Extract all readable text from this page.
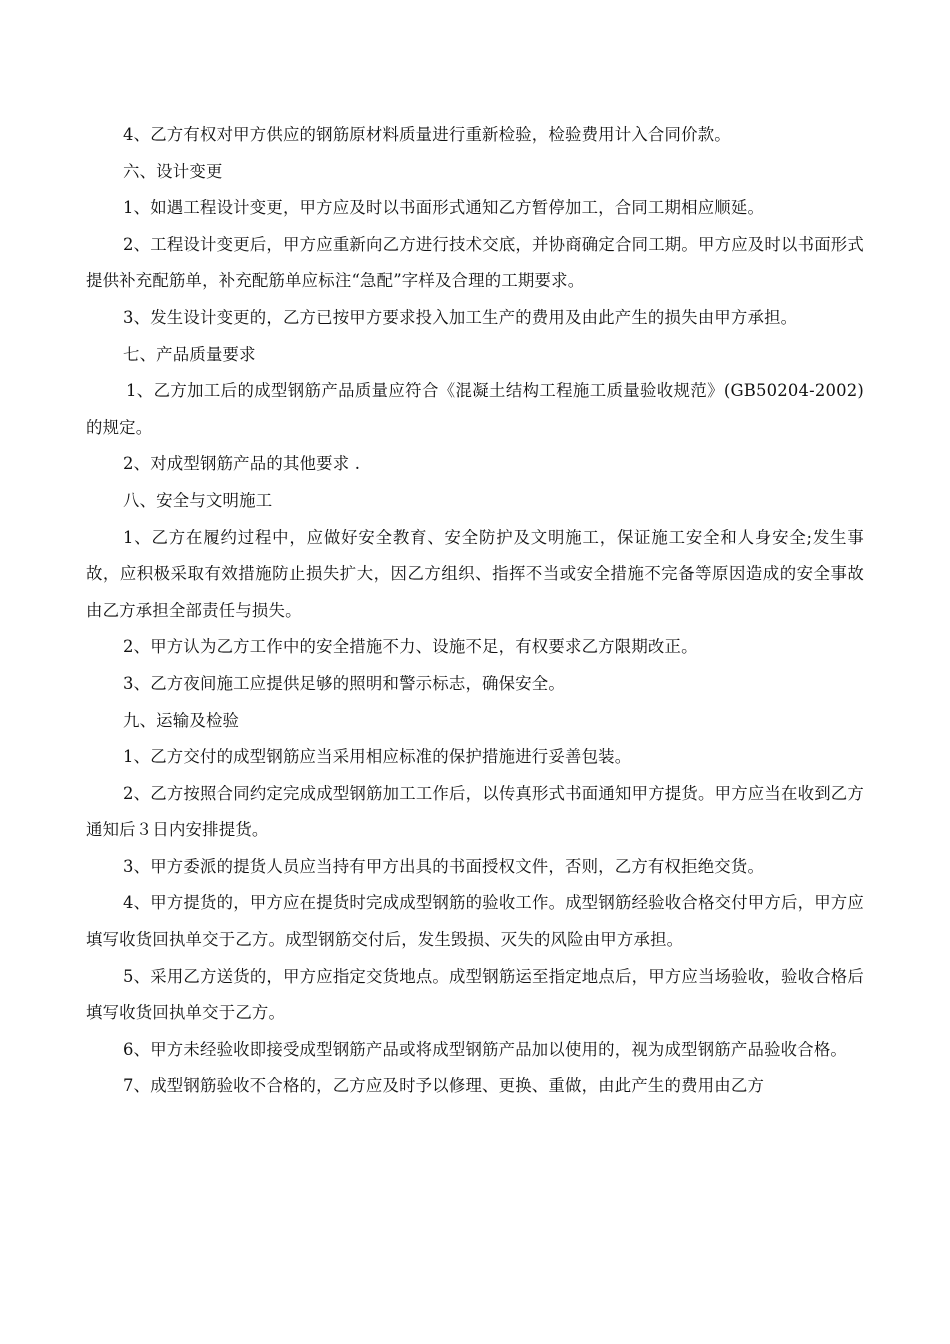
4、乙方有权对甲方供应的钢筋原材料质量进行重新检验，检验费用计入合同价款。

六、设计变更

1、如遇工程设计变更，甲方应及时以书面形式通知乙方暂停加工，合同工期相应顺延。

2、工程设计变更后，甲方应重新向乙方进行技术交底，并协商确定合同工期。甲方应及时以书面形式提供补充配筋单，补充配筋单应标注“急配”字样及合理的工期要求。

3、发生设计变更的，乙方已按甲方要求投入加工生产的费用及由此产生的损失由甲方承担。

七、产品质量要求

1、乙方加工后的成型钢筋产品质量应符合《混凝土结构工程施工质量验收规范》(GB50204-2002)的规定。

2、对成型钢筋产品的其他要求 .

八、安全与文明施工

1、乙方在履约过程中，应做好安全教育、安全防护及文明施工，保证施工安全和人身安全;发生事故，应积极采取有效措施防止损失扩大，因乙方组织、指挥不当或安全措施不完备等原因造成的安全事故由乙方承担全部责任与损失。

2、甲方认为乙方工作中的安全措施不力、设施不足，有权要求乙方限期改正。

3、乙方夜间施工应提供足够的照明和警示标志，确保安全。

九、运输及检验

1、乙方交付的成型钢筋应当采用相应标准的保护措施进行妥善包装。

2、乙方按照合同约定完成成型钢筋加工工作后，以传真形式书面通知甲方提货。甲方应当在收到乙方通知后３日内安排提货。

3、甲方委派的提货人员应当持有甲方出具的书面授权文件，否则，乙方有权拒绝交货。

4、甲方提货的，甲方应在提货时完成成型钢筋的验收工作。成型钢筋经验收合格交付甲方后，甲方应填写收货回执单交于乙方。成型钢筋交付后，发生毁损、灭失的风险由甲方承担。

5、采用乙方送货的，甲方应指定交货地点。成型钢筋运至指定地点后，甲方应当场验收，验收合格后填写收货回执单交于乙方。

6、甲方未经验收即接受成型钢筋产品或将成型钢筋产品加以使用的，视为成型钢筋产品验收合格。

7、成型钢筋验收不合格的，乙方应及时予以修理、更换、重做，由此产生的费用由乙方
